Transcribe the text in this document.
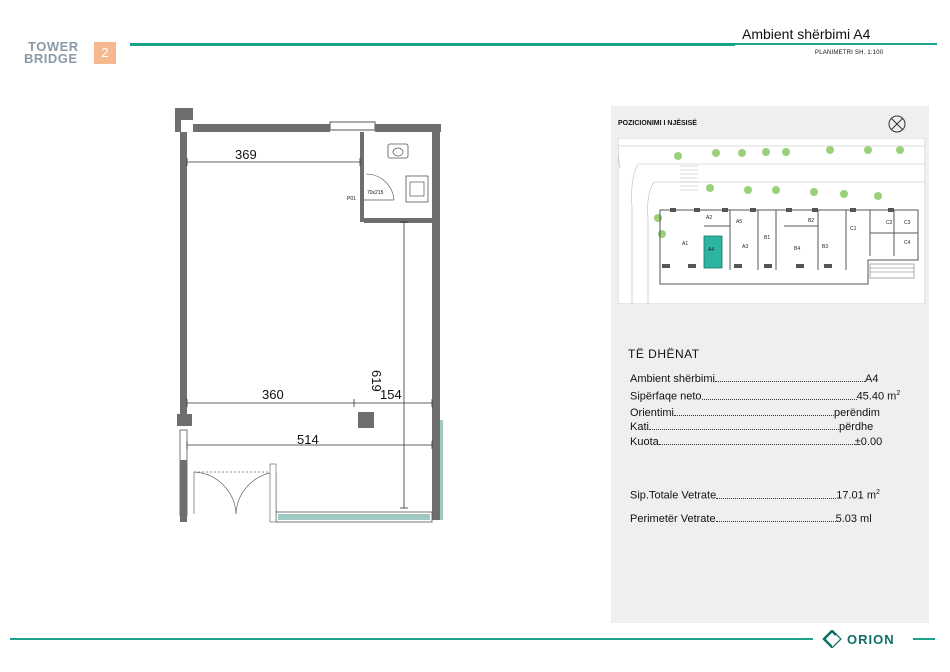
TOWER
BRIDGE	2
Ambient shërbimi A4
PLANIMETRI SH. 1:100
POZICIONIMI I NJËSISË
A1
A2
A3
A4
A5
B1
B2
B3
B4
C1
C2 C3
C4
TË DHËNAT
Ambient shërbimi	A4
Sipërfaqe neto	45.40 $m^2$
Orientimi	perëndim
Kati	përdhe
Kuota	±0.00
Sip.Totale Vetrate	17.01 $m^2$
Perimetër Vetrate	5.03 ml
369
619
360	154
514
P01
70x215
ORION
